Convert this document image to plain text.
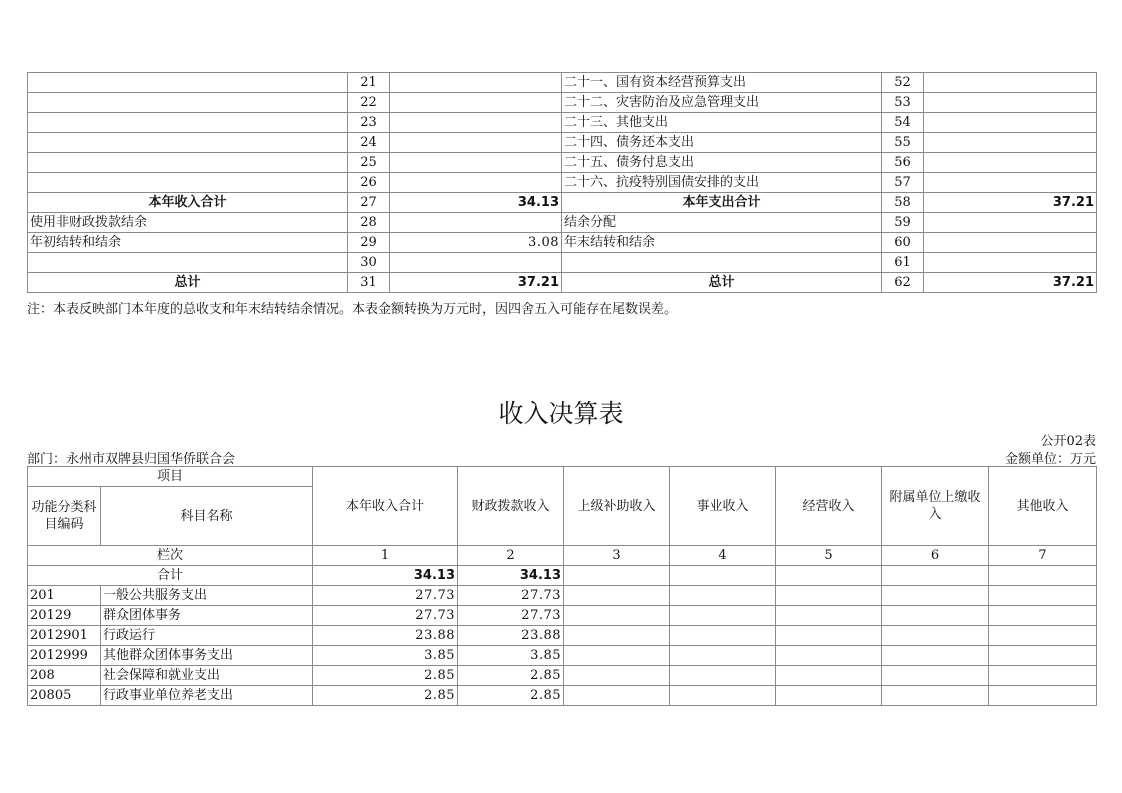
	21		二十一、国有资本经营预算支出	52	
	22		二十二、灾害防治及应急管理支出	53	
	23		二十三、其他支出	54	
	24		二十四、债务还本支出	55	
	25		二十五、债务付息支出	56	
	26		二十六、抗疫特别国债安排的支出	57	
本年收入合计	27	34.13	本年支出合计	58	37.21
使用非财政拨款结余	28		结余分配	59	
年初结转和结余	29	3.08	年末结转和结余	60	
	30			61	
总计	31	37.21	总计	62	37.21
注：本表反映部门本年度的总收支和年末结转结余情况。本表金额转换为万元时，因四舍五入可能存在尾数误差。
收入决算表
公开02表
金额单位：万元
部门：永州市双牌县归国华侨联合会
项目		本年收入合计	财政拨款收入	上级补助收入	事业收入	经营收入	附属单位上缴收入	其他收入
功能分类科目编码	科目名称							
栏次		1	2	3	4	5	6	7
合计		34.13	34.13					
201	一般公共服务支出	27.73	27.73					
20129	群众团体事务	27.73	27.73					
2012901	行政运行	23.88	23.88					
2012999	其他群众团体事务支出	3.85	3.85					
208	社会保障和就业支出	2.85	2.85					
20805	行政事业单位养老支出	2.85	2.85					
